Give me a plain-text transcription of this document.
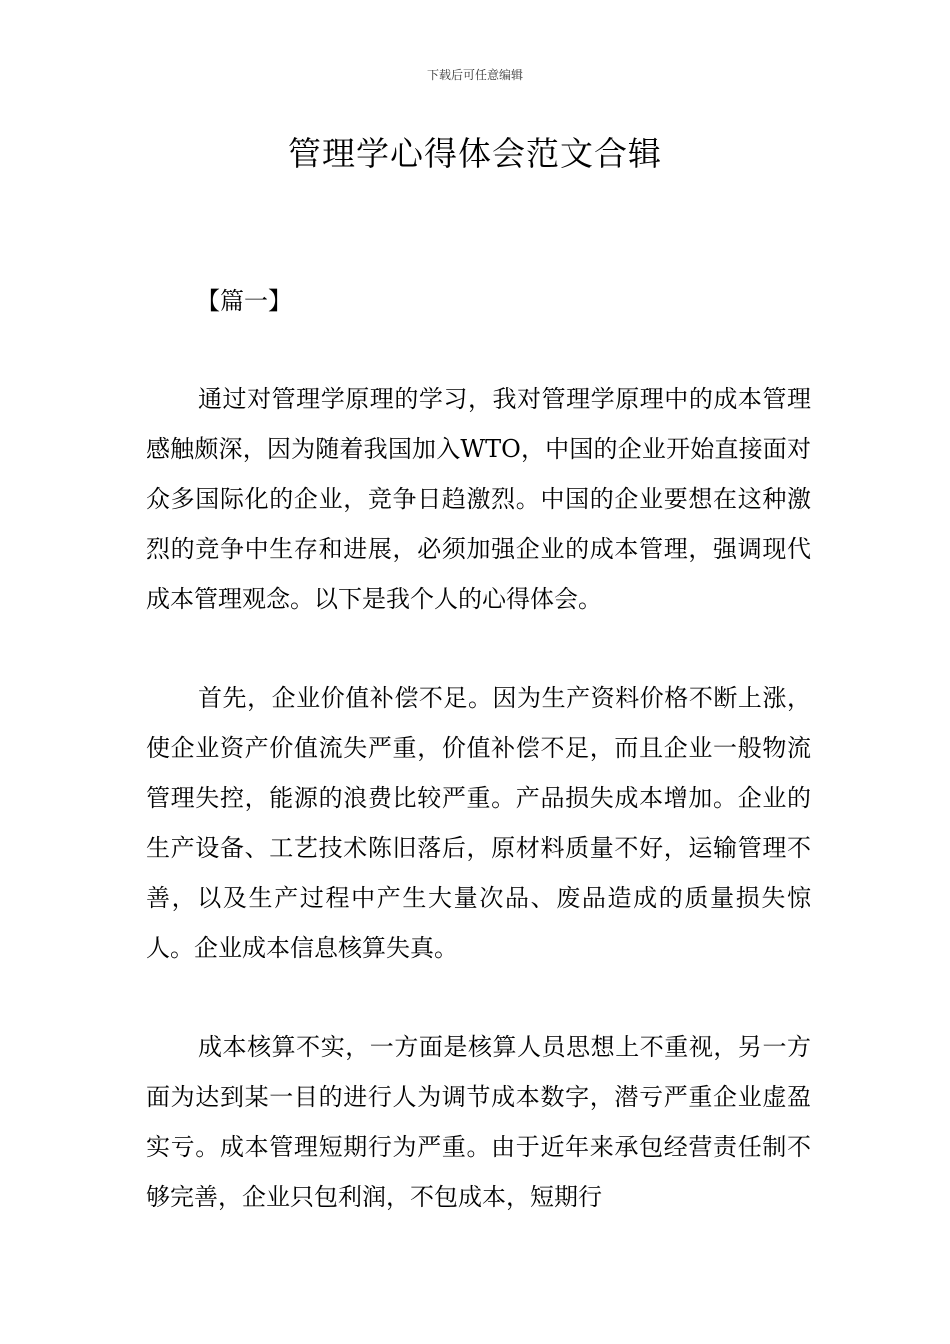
下载后可任意编辑
管理学心得体会范文合辑
【篇一】

通过对管理学原理的学习，我对管理学原理中的成本管理感触颇深，因为随着我国加入WTO，中国的企业开始直接面对众多国际化的企业，竞争日趋激烈。中国的企业要想在这种激烈的竞争中生存和进展，必须加强企业的成本管理，强调现代成本管理观念。以下是我个人的心得体会。

首先，企业价值补偿不足。因为生产资料价格不断上涨，使企业资产价值流失严重，价值补偿不足，而且企业一般物流管理失控，能源的浪费比较严重。产品损失成本增加。企业的生产设备、工艺技术陈旧落后，原材料质量不好，运输管理不善，以及生产过程中产生大量次品、废品造成的质量损失惊人。企业成本信息核算失真。

成本核算不实，一方面是核算人员思想上不重视，另一方面为达到某一目的进行人为调节成本数字，潜亏严重企业虚盈实亏。成本管理短期行为严重。由于近年来承包经营责任制不够完善，企业只包利润，不包成本，短期行
